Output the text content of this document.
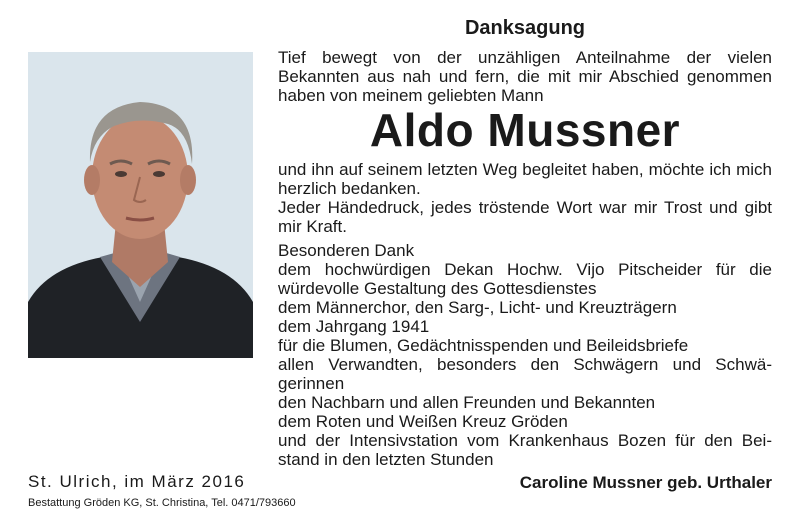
Danksagung

Tief bewegt von der unzähligen Anteilnahme der vielen Bekannten aus nah und fern, die mit mir Abschied genommen haben von meinem geliebten Mann

Aldo Mussner

und ihn auf seinem letzten Weg begleitet haben, möchte ich mich herzlich bedanken.

Jeder Händedruck, jedes tröstende Wort war mir Trost und gibt mir Kraft.

Besonderen Dank
dem hochwürdigen Dekan Hochw. Vijo Pitscheider für die
würdevolle Gestaltung des Gottesdienstes
dem Männerchor, den Sarg-, Licht- und Kreuzträgern
dem Jahrgang 1941
für die Blumen, Gedächtnisspenden und Beileidsbriefe
allen Verwandten, besonders den Schwägern und Schwä-
gerinnen
den Nachbarn und allen Freunden und Bekannten
dem Roten und Weißen Kreuz Gröden
und der Intensivstation vom Krankenhaus Bozen für den Bei-
stand in den letzten Stunden
St. Ulrich, im März 2016
Bestattung Gröden KG, St. Christina, Tel. 0471/793660
Caroline Mussner geb. Urthaler
